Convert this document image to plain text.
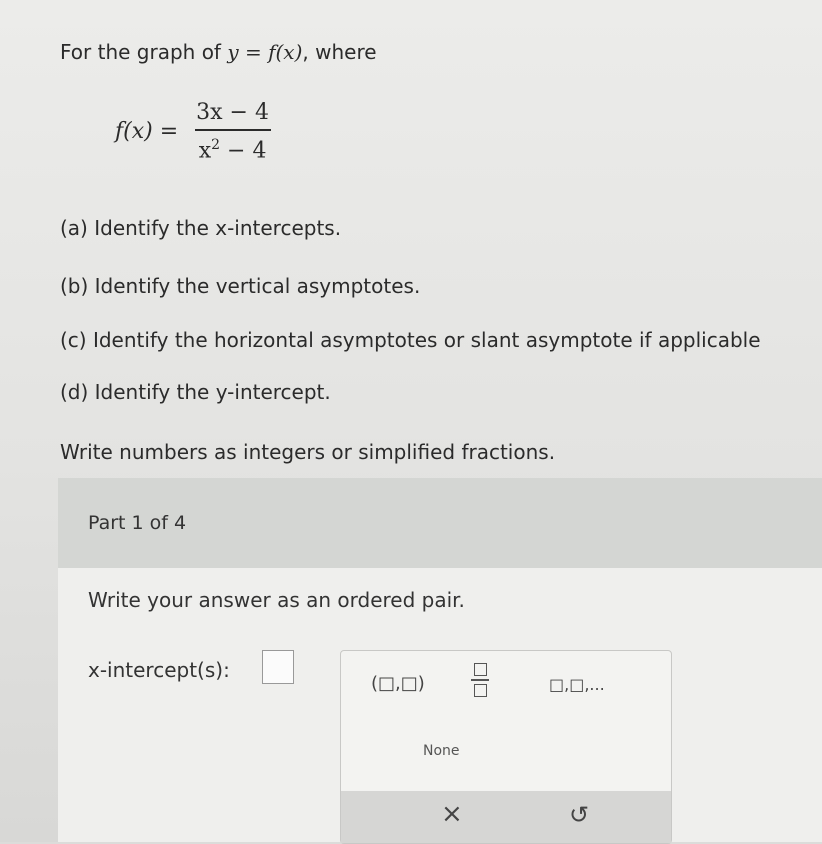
For the graph of y = f(x), where
$f(x) = \frac{3x - 4}{x^2 - 4}$
(a) Identify the x-intercepts.
(b) Identify the vertical asymptotes.
(c) Identify the horizontal asymptotes or slant asymptote if applicable
(d) Identify the y-intercept.
Write numbers as integers or simplified fractions.
Part 1 of 4
Write your answer as an ordered pair.
x-intercept(s):
(□,□)	□,□,...
None
×	↺
